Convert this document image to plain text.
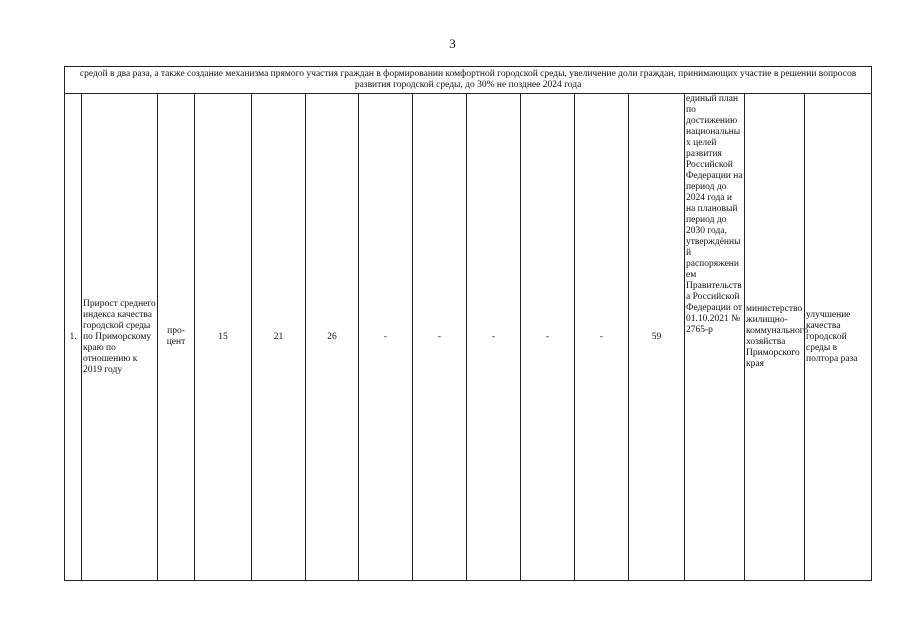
3
средой в два раза, а также создание механизма прямого участия граждан в формировании комфортной городской среды, увеличение доли граждан, принимающих участие в решении вопросов развития городской среды, до 30% не позднее 2024 года
1.	Прирост среднего индекса качества городской среды по Приморскому краю по отношению к 2019 году	про-цент	15	21	26	-	-	-	-	-	59	единый план по достижению национальных целей развития Российской Федерации на период до 2024 года и на плановый период до 2030 года, утверждённый распоряжением Правительства Российской Федерации от 01.10.2021 № 2765-р	министерство жилищно-коммунального хозяйства Приморского края	улучшение качества городской среды в полтора раза
